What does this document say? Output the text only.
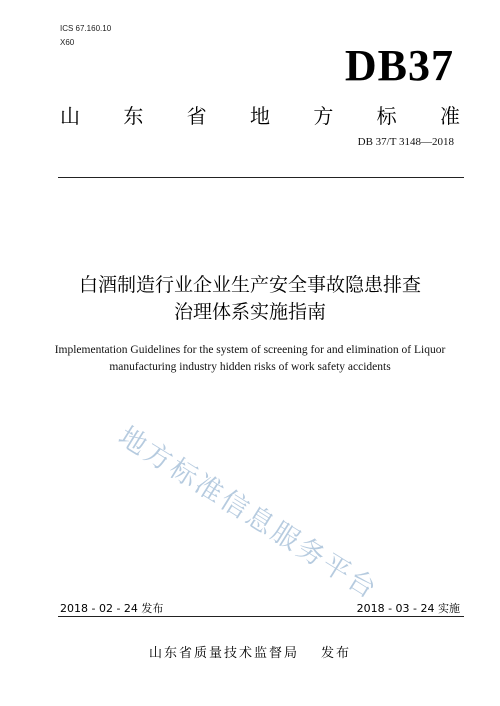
ICS 67.160.10
X60	DB37
山 东 省 地 方 标 准
DB 37/T 3148—2018
白酒制造行业企业生产安全事故隐患排查
治理体系实施指南
Implementation Guidelines for the system of screening for and elimination of Liquor
manufacturing industry hidden risks of work safety accidents
地方标准信息服务平台
2018 - 02 - 24 发布	2018 - 03 - 24 实施
山东省质量技术监督局 发布
